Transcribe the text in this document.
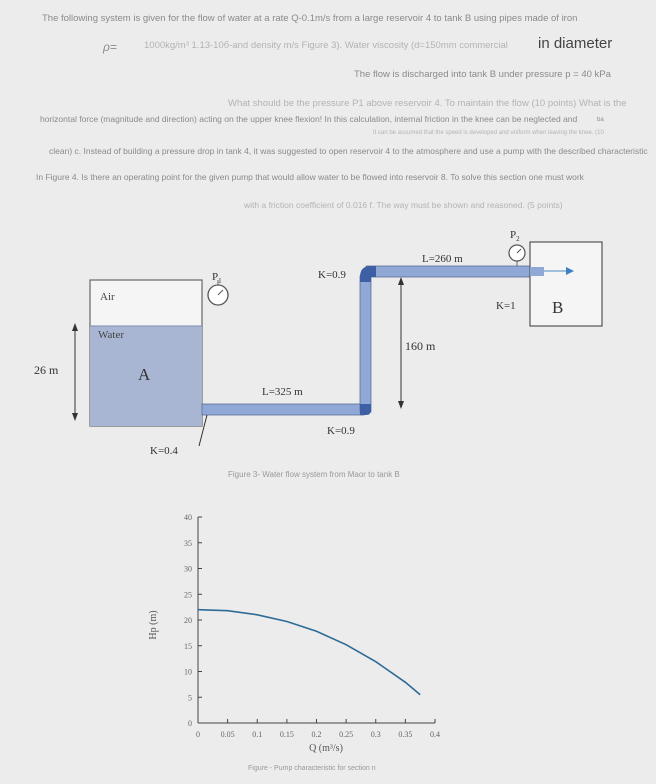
The following system is given for the flow of water at a rate Q-0.1m/s from a large reservoir 4 to tank B using pipes made of iron
ρ=	1000kg/m³ 1.13-10б-and density m/s Figure 3). Water viscosity (d=150mm commercial in diameter
The flow is discharged into tank B under pressure p = 40 kPa
What should be the pressure P1 above reservoir 4. To maintain the flow (10 points) What is the
horizontal force (magnitude and direction) acting on the upper knee flexion! In this calculation, internal friction in the knee can be neglected and	ba
It can be assumed that the speed is developed and uniform when leaving the knee. (10
clean) c. Instead of building a pressure drop in tank 4, it was suggested to open reservoir 4 to the atmosphere and use a pump with the described characteristic
In Figure 4. Is there an operating point for the given pump that would allow water to be flowed into reservoir 8. To solve this section one must work
with a friction coefficient of 0.016 f. The way must be shown and reasoned. (5 points)
Air
Water
A
$P_1$
26 m
K=0.9
K=0.9
L=325 m
L=260 m
160 m
B
K=1
$P_2$
K=0.4
Figure 3- Water flow system from Maor to tank B
Hp (m)
Q (m³/s)
Figure - Pump characteristic for section n
0
5
10
15
20
25
30
35
40
0	0.05 0.1 0.15 0.2 0.25 0.3 0.35 0.4
